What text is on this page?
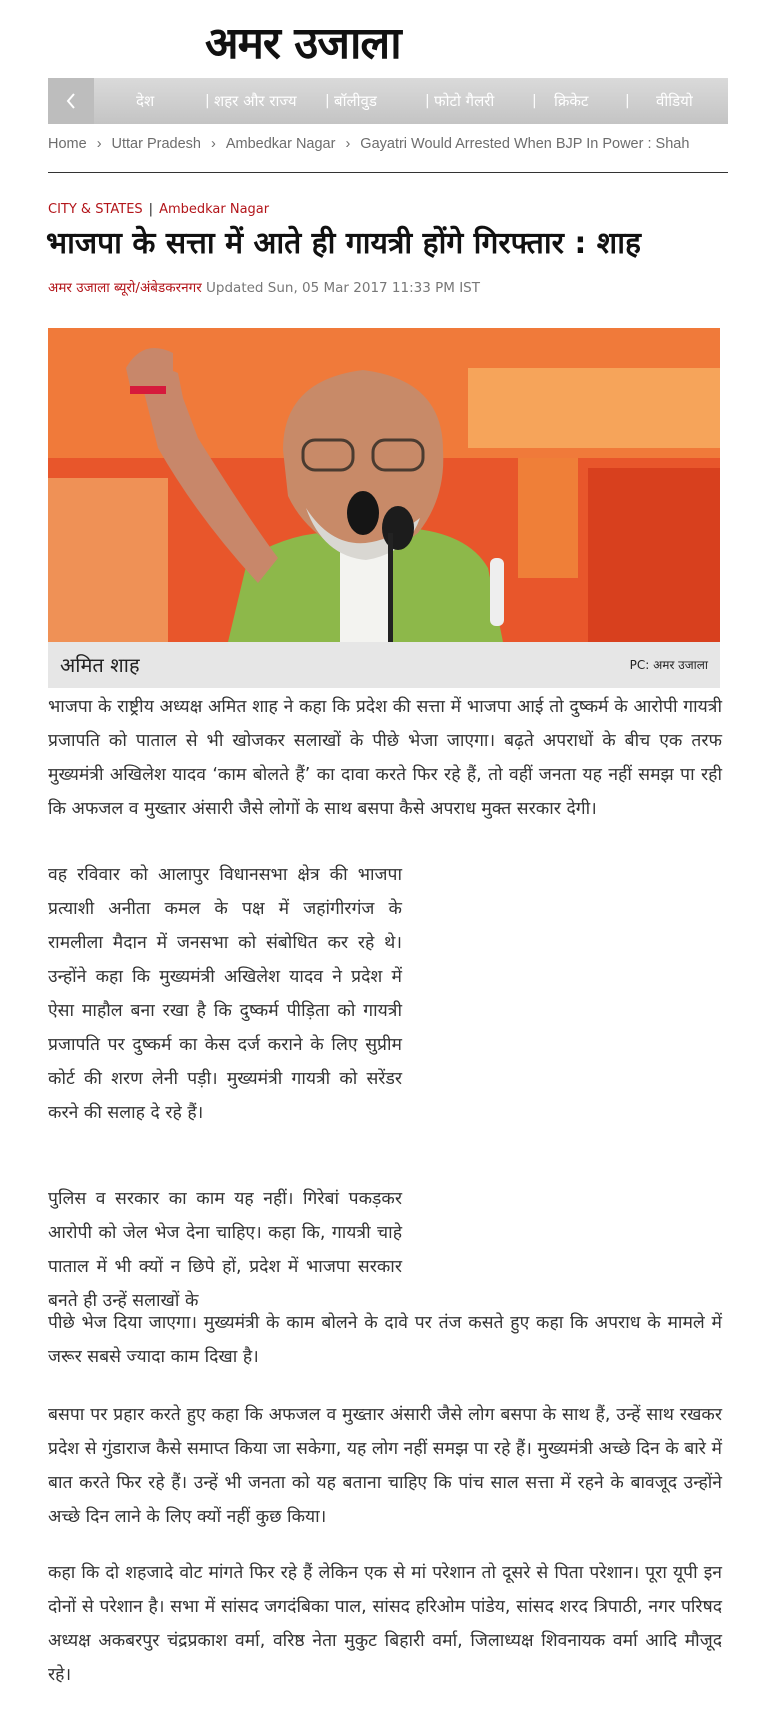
अमर उजाला
देश	| शहर और राज्य | बॉलीवुड	| फोटो गैलरी	| क्रिकेट	| वीडियो
Home › Uttar Pradesh › Ambedkar Nagar › Gayatri Would Arrested When BJP In Power : Shah
CITY & STATES | Ambedkar Nagar
भाजपा के सत्ता में आते ही गायत्री होंगे गिरफ्तार : शाह
अमर उजाला ब्यूरो/अंबेडकरनगर Updated Sun, 05 Mar 2017 11:33 PM IST
अमित शाह	PC: अमर उजाला

भाजपा के राष्ट्रीय अध्यक्ष अमित शाह ने कहा कि प्रदेश की सत्ता में भाजपा आई तो दुष्कर्म के आरोपी गायत्री प्रजापति को पाताल से भी खोजकर सलाखों के पीछे भेजा जाएगा। बढ़ते अपराधों के बीच एक तरफ मुख्यमंत्री अखिलेश यादव ‘काम बोलते हैं’ का दावा करते फिर रहे हैं, तो वहीं जनता यह नहीं समझ पा रही कि अफजल व मुख्तार अंसारी जैसे लोगों के साथ बसपा कैसे अपराध मुक्त सरकार देगी।

वह रविवार को आलापुर विधानसभा क्षेत्र की भाजपा प्रत्याशी अनीता कमल के पक्ष में जहांगीरगंज के रामलीला मैदान में जनसभा को संबोधित कर रहे थे। उन्होंने कहा कि मुख्यमंत्री अखिलेश यादव ने प्रदेश में ऐसा माहौल बना रखा है कि दुष्कर्म पीड़िता को गायत्री प्रजापति पर दुष्कर्म का केस दर्ज कराने के लिए सुप्रीम कोर्ट की शरण लेनी पड़ी। मुख्यमंत्री गायत्री को सरेंडर करने की सलाह दे रहे हैं।

पुलिस व सरकार का काम यह नहीं। गिरेबां पकड़कर आरोपी को जेल भेज देना चाहिए। कहा कि, गायत्री चाहे पाताल में भी क्यों न छिपे हों, प्रदेश में भाजपा सरकार बनते ही उन्हें सलाखों के

पीछे भेज दिया जाएगा। मुख्यमंत्री के काम बोलने के दावे पर तंज कसते हुए कहा कि अपराध के मामले में जरूर सबसे ज्यादा काम दिखा है।

बसपा पर प्रहार करते हुए कहा कि अफजल व मुख्तार अंसारी जैसे लोग बसपा के साथ हैं, उन्हें साथ रखकर प्रदेश से गुंडाराज कैसे समाप्त किया जा सकेगा, यह लोग नहीं समझ पा रहे हैं। मुख्यमंत्री अच्छे दिन के बारे में बात करते फिर रहे हैं। उन्हें भी जनता को यह बताना चाहिए कि पांच साल सत्ता में रहने के बावजूद उन्होंने अच्छे दिन लाने के लिए क्यों नहीं कुछ किया।

कहा कि दो शहजादे वोट मांगते फिर रहे हैं लेकिन एक से मां परेशान तो दूसरे से पिता परेशान। पूरा यूपी इन दोनों से परेशान है। सभा में सांसद जगदंबिका पाल, सांसद हरिओम पांडेय, सांसद शरद त्रिपाठी, नगर परिषद अध्यक्ष अकबरपुर चंद्रप्रकाश वर्मा, वरिष्ठ नेता मुकुट बिहारी वर्मा, जिलाध्यक्ष शिवनायक वर्मा आदि मौजूद रहे।
